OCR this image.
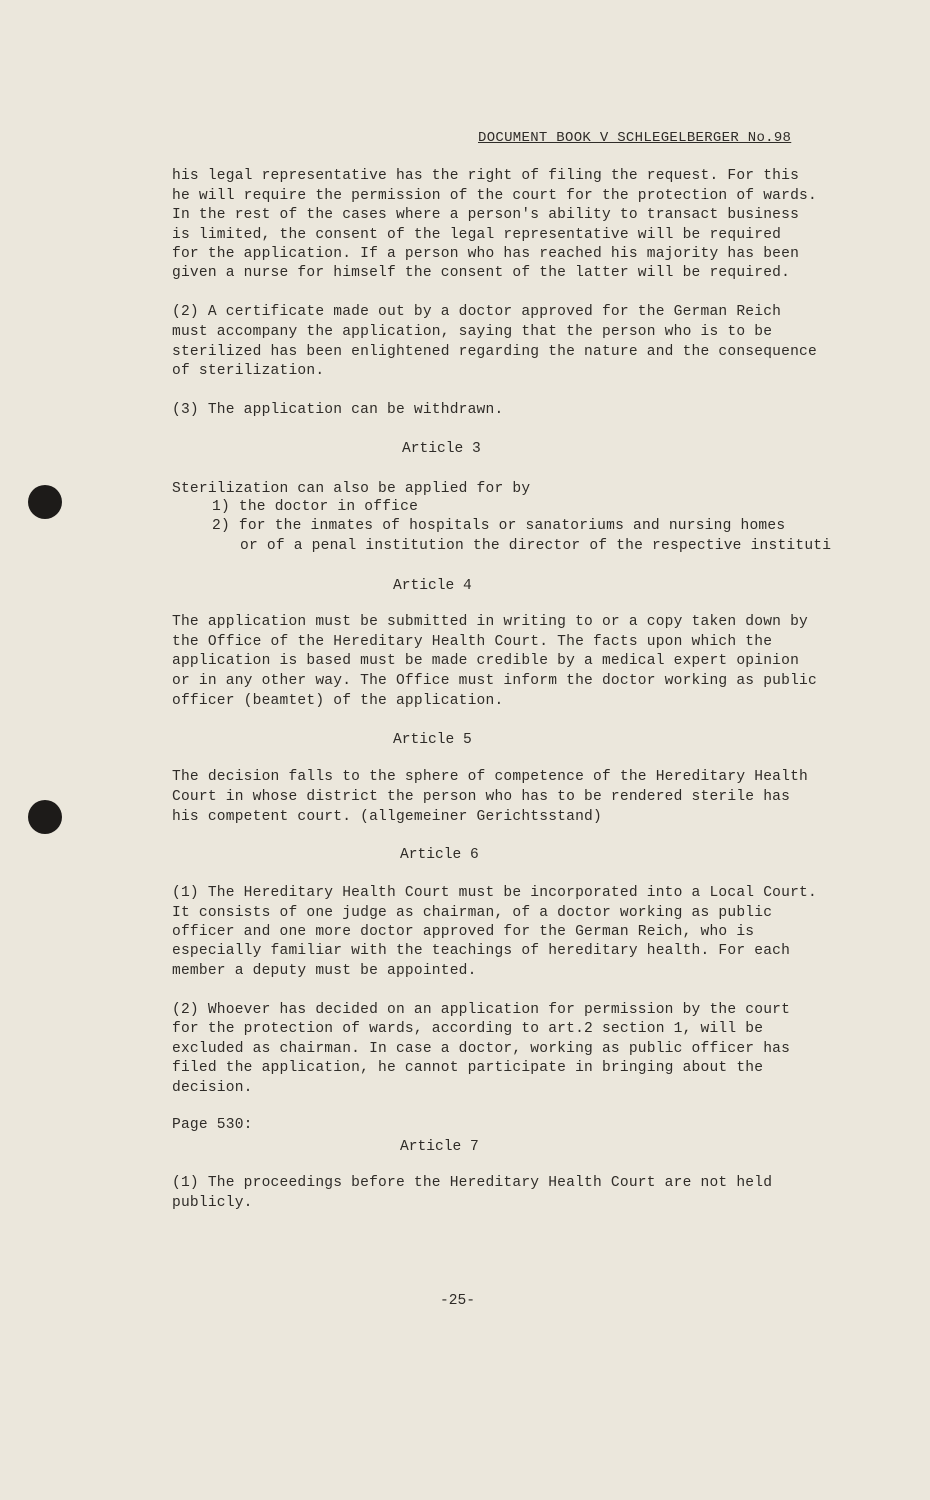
DOCUMENT BOOK V SCHLEGELBERGER No.98
his legal representative has the right of filing the request. For this
he will require the permission of the court for the protection of wards.
In the rest of the cases where a person's ability to transact business
is limited, the consent of the legal representative will be required
for the application. If a person who has reached his majority has been
given a nurse for himself the consent of the latter will be required.
(2) A certificate made out by a doctor approved for the German Reich
must accompany the application, saying that the person who is to be
sterilized has been enlightened regarding the nature and the consequence
of sterilization.
(3) The application can be withdrawn.
Article 3
Sterilization can also be applied for by
1) the doctor in office
2) for the inmates of hospitals or sanatoriums and nursing homes
or of a penal institution the director of the respective instituti
Article 4
The application must be submitted in writing to or a copy taken down by
the Office of the Hereditary Health Court. The facts upon which the
application is based must be made credible by a medical expert opinion
or in any other way. The Office must inform the doctor working as public
officer (beamtet) of the application.
Article 5
The decision falls to the sphere of competence of the Hereditary Health
Court in whose district the person who has to be rendered sterile has
his competent court. (allgemeiner Gerichtsstand)
Article 6
(1) The Hereditary Health Court must be incorporated into a Local Court.
It consists of one judge as chairman, of a doctor working as public
officer and one more doctor approved for the German Reich, who is
especially familiar with the teachings of hereditary health. For each
member a deputy must be appointed.
(2) Whoever has decided on an application for permission by the court
for the protection of wards, according to art.2 section 1, will be
excluded as chairman. In case a doctor, working as public officer has
filed the application, he cannot participate in bringing about the
decision.
Page 530:
Article 7
(1) The proceedings before the Hereditary Health Court are not held
publicly.
-25-
